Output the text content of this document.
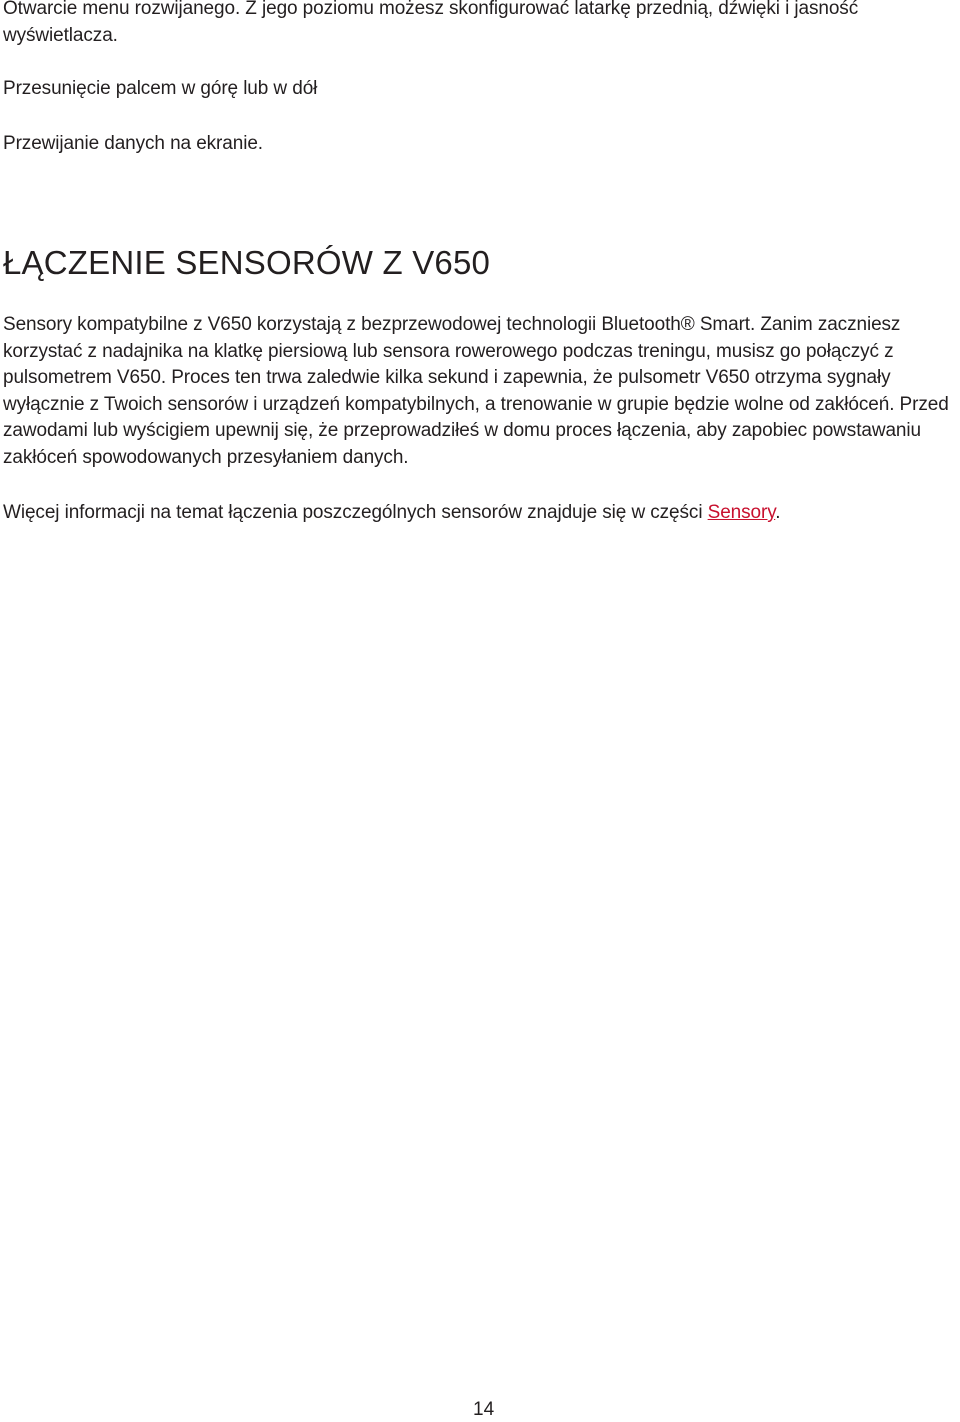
Otwarcie menu rozwijanego. Z jego poziomu możesz skonfigurować latarkę przednią, dźwięki i jasność wyświetlacza.

Przesunięcie palcem w górę lub w dół

Przewijanie danych na ekranie.

ŁĄCZENIE SENSORÓW Z V650

Sensory kompatybilne z V650 korzystają z bezprzewodowej technologii Bluetooth® Smart. Zanim zaczniesz korzystać z nadajnika na klatkę piersiową lub sensora rowerowego podczas treningu, musisz go połączyć z pulsometrem V650. Proces ten trwa zaledwie kilka sekund i zapewnia, że pulsometr V650 otrzyma sygnały wyłącznie z Twoich sensorów i urządzeń kompatybilnych, a trenowanie w grupie będzie wolne od zakłóceń. Przed zawodami lub wyścigiem upewnij się, że przeprowadziłeś w domu proces łączenia, aby zapobiec powstawaniu zakłóceń spowodowanych przesyłaniem danych.

Więcej informacji na temat łączenia poszczególnych sensorów znajduje się w części Sensory.

14
